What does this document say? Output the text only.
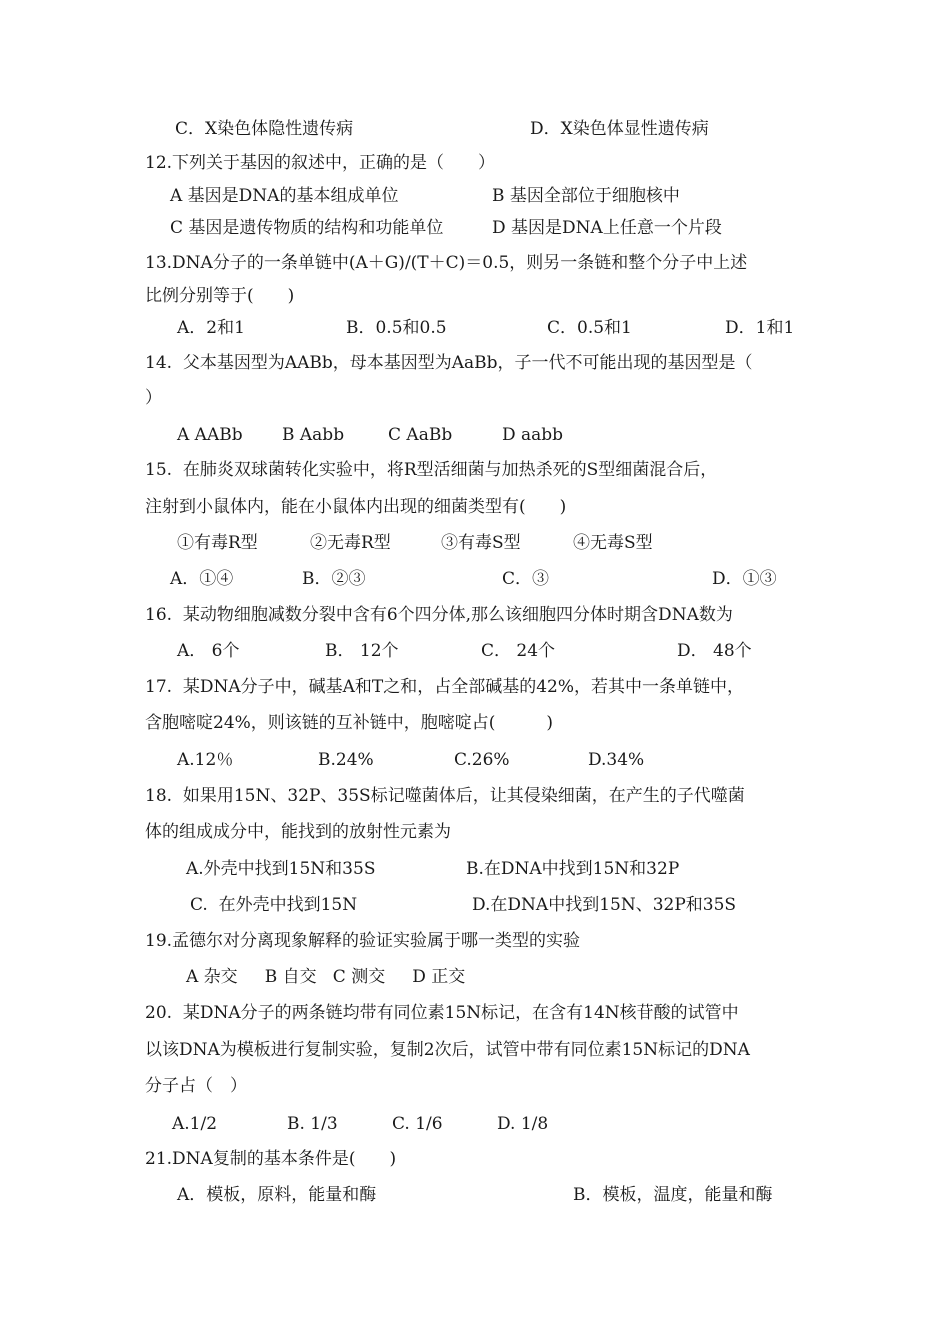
C．X染色体隐性遗传病	D．X染色体显性遗传病
12.下列关于基因的叙述中，正确的是（　　）
A 基因是DNA的基本组成单位	B 基因全部位于细胞核中
C 基因是遗传物质的结构和功能单位	D 基因是DNA上任意一个片段
13.DNA分子的一条单链中(A＋G)/(T＋C)＝0.5，则另一条链和整个分子中上述
比例分别等于(　　)
A．2和1	B．0.5和0.5	C．0.5和1	D．1和1
14.  父本基因型为AABb，母本基因型为AaBb，子一代不可能出现的基因型是（
）
A AABb B Aabb	C AaBb	D aabb
15.  在肺炎双球菌转化实验中，将R型活细菌与加热杀死的S型细菌混合后，
注射到小鼠体内，能在小鼠体内出现的细菌类型有(　　)
①有毒R型	②无毒R型	③有毒S型	④无毒S型
A．①④	B．②③	C．③	D．①③
16.  某动物细胞减数分裂中含有6个四分体,那么该细胞四分体时期含DNA数为
A． 6个	B． 12个	C． 24个	D． 48个
17.  某DNA分子中，碱基A和T之和，占全部碱基的42%，若其中一条单链中，
含胞嘧啶24%，则该链的互补链中，胞嘧啶占(　　　)
A.12％	B.24%	C.26%	D.34%
18.  如果用15N、32P、35S标记噬菌体后，让其侵染细菌，在产生的子代噬菌
体的组成成分中，能找到的放射性元素为
A.外壳中找到15N和35S	B.在DNA中找到15N和32P
C.  在外壳中找到15N	D.在DNA中找到15N、32P和35S
19.孟德尔对分离现象解释的验证实验属于哪一类型的实验
A 杂交     B 自交   C 测交     D 正交
20.  某DNA分子的两条链均带有同位素15N标记，在含有14N核苷酸的试管中
以该DNA为模板进行复制实验，复制2次后，试管中带有同位素15N标记的DNA
分子占（　）
A.1/2	B. 1/3	C. 1/6	D. 1/8
21.DNA复制的基本条件是(　　)
A．模板，原料，能量和酶	B．模板，温度，能量和酶
